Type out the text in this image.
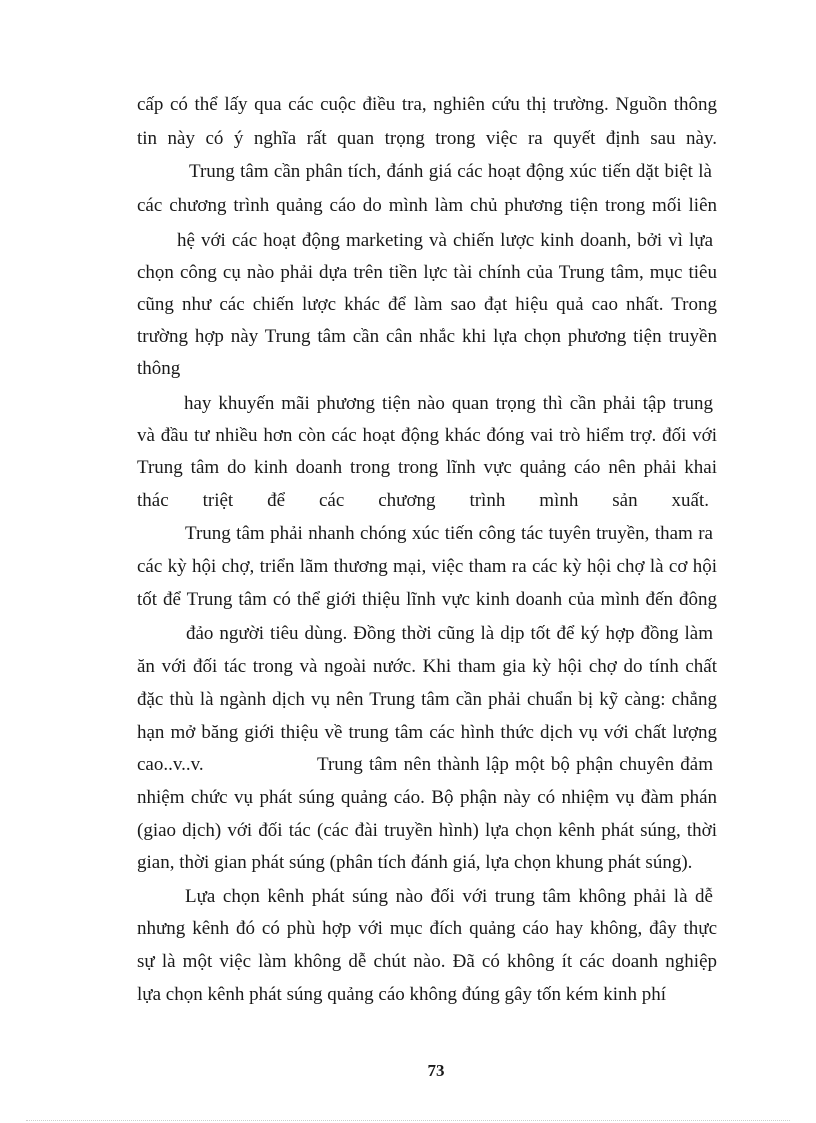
cấp có thể lấy qua các cuộc điều tra, nghiên cứu thị trường. Nguồn thông
tin này có ý nghĩa rất quan trọng trong việc ra quyết định sau này.
Trung tâm cần phân tích, đánh giá các hoạt động xúc tiến dặt biệt là
các chương trình quảng cáo do mình làm chủ phương tiện trong mối liên
hệ với các hoạt động marketing và chiến lược kinh doanh, bởi vì lựa
chọn công cụ nào phải dựa trên tiền lực tài chính của Trung tâm, mục tiêu
cũng như các chiến lược khác để làm sao đạt hiệu quả cao nhất. Trong
trường hợp này Trung tâm cần cân nhắc khi lựa chọn phương tiện truyền
thông
hay khuyến mãi phương tiện nào quan trọng thì cần phải tập trung
và đầu tư nhiều hơn còn các hoạt động khác đóng vai trò hiểm trợ. đối với
Trung tâm do kinh doanh trong trong lĩnh vực quảng cáo nên phải khai
thác triệt để các chương trình mình sản xuất.
Trung tâm phải nhanh chóng xúc tiến công tác tuyên truyền, tham ra
các kỳ hội chợ, triển lãm thương mại, việc tham ra các kỳ hội chợ là cơ hội
tốt để Trung tâm có thể giới thiệu lĩnh vực kinh doanh của mình đến đông
đảo người tiêu dùng. Đồng thời cũng là dịp tốt để ký hợp đồng làm
ăn với đối tác trong và ngoài nước. Khi tham gia kỳ hội chợ do tính chất
đặc thù là ngành dịch vụ nên Trung tâm cần phải chuẩn bị kỹ càng: chẳng
hạn mở băng giới thiệu về trung tâm các hình thức dịch vụ với chất lượng
cao..v..v.	Trung tâm nên thành lập một bộ phận chuyên đảm
nhiệm chức vụ phát súng quảng cáo. Bộ phận này có nhiệm vụ đàm phán
(giao dịch) với đối tác (các đài truyền hình) lựa chọn kênh phát súng, thời
gian, thời gian phát súng (phân tích đánh giá, lựa chọn khung phát súng).
Lựa chọn kênh phát súng nào đối với trung tâm không phải là dễ
nhưng kênh đó có phù hợp với mục đích quảng cáo hay không, đây thực
sự là một việc làm không dễ chút nào. Đã có không ít các doanh nghiệp
lựa chọn kênh phát súng quảng cáo không đúng gây tốn kém kinh phí
73
